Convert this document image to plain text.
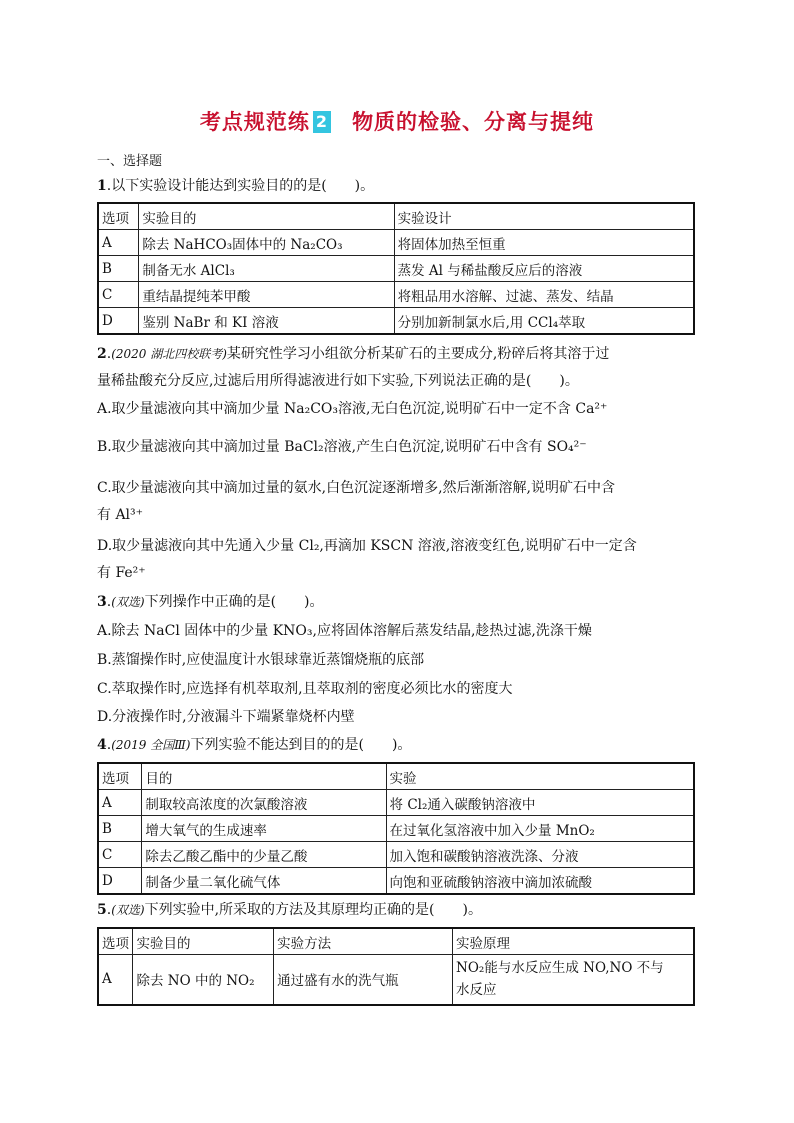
考点规范练 2 物质的检验、分离与提纯
一、选择题
1.以下实验设计能达到实验目的的是(　　)。
选项	实验目的	实验设计
A	除去 NaHCO₃固体中的 Na₂CO₃	将固体加热至恒重
B	制备无水 AlCl₃	蒸发 Al 与稀盐酸反应后的溶液
C	重结晶提纯苯甲酸	将粗品用水溶解、过滤、蒸发、结晶
D	鉴别 NaBr 和 KI 溶液	分别加新制氯水后,用 CCl₄萃取
2.(2020 湖北四校联考)某研究性学习小组欲分析某矿石的主要成分,粉碎后将其溶于过
量稀盐酸充分反应,过滤后用所得滤液进行如下实验,下列说法正确的是(　　)。
A.取少量滤液向其中滴加少量 Na₂CO₃溶液,无白色沉淀,说明矿石中一定不含 Ca²⁺
B.取少量滤液向其中滴加过量 BaCl₂溶液,产生白色沉淀,说明矿石中含有 SO₄²⁻
C.取少量滤液向其中滴加过量的氨水,白色沉淀逐渐增多,然后渐渐溶解,说明矿石中含
有 Al³⁺
D.取少量滤液向其中先通入少量 Cl₂,再滴加 KSCN 溶液,溶液变红色,说明矿石中一定含
有 Fe²⁺
3.(双选)下列操作中正确的是(　　)。
A.除去 NaCl 固体中的少量 KNO₃,应将固体溶解后蒸发结晶,趁热过滤,洗涤干燥
B.蒸馏操作时,应使温度计水银球靠近蒸馏烧瓶的底部
C.萃取操作时,应选择有机萃取剂,且萃取剂的密度必须比水的密度大
D.分液操作时,分液漏斗下端紧靠烧杯内壁
4.(2019 全国Ⅲ)下列实验不能达到目的的是(　　)。
选项	目的	实验
A	制取较高浓度的次氯酸溶液	将 Cl₂通入碳酸钠溶液中
B	增大氧气的生成速率	在过氧化氢溶液中加入少量 MnO₂
C	除去乙酸乙酯中的少量乙酸	加入饱和碳酸钠溶液洗涤、分液
D	制备少量二氧化硫气体	向饱和亚硫酸钠溶液中滴加浓硫酸
5.(双选)下列实验中,所采取的方法及其原理均正确的是(　　)。
选项	实验目的	实验方法	实验原理
A	除去 NO 中的 NO₂	通过盛有水的洗气瓶	NO₂能与水反应生成 NO,NO 不与
水反应
